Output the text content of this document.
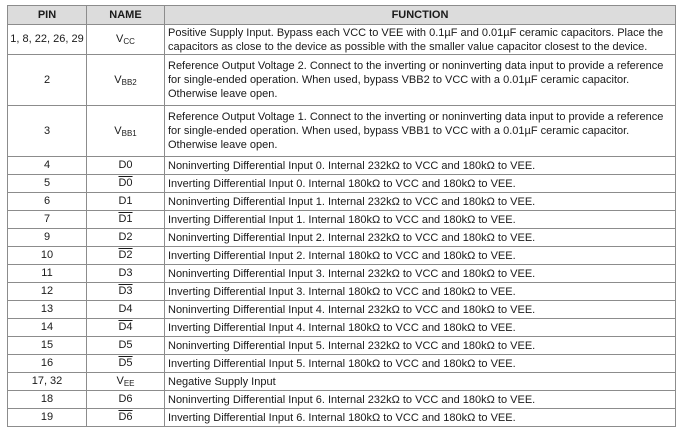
PIN	NAME	FUNCTION
1, 8, 22, 26, 29	$V_{CC}$	Positive Supply Input. Bypass each VCC to VEE with 0.1µF and 0.01µF ceramic capacitors. Place the capacitors as close to the device as possible with the smaller value capacitor closest to the device.
2	$V_{BB2}$	Reference Output Voltage 2. Connect to the inverting or noninverting data input to provide a reference for single-ended operation. When used, bypass VBB2 to VCC with a 0.01µF ceramic capacitor. Otherwise leave open.
3	$V_{BB1}$	Reference Output Voltage 1. Connect to the inverting or noninverting data input to provide a reference for single-ended operation. When used, bypass VBB1 to VCC with a 0.01µF ceramic capacitor. Otherwise leave open.
4	D0	Noninverting Differential Input 0. Internal 232kΩ to VCC and 180kΩ to VEE.
5	D0	Inverting Differential Input 0. Internal 180kΩ to VCC and 180kΩ to VEE.
6	D1	Noninverting Differential Input 1. Internal 232kΩ to VCC and 180kΩ to VEE.
7	D1	Inverting Differential Input 1. Internal 180kΩ to VCC and 180kΩ to VEE.
9	D2	Noninverting Differential Input 2. Internal 232kΩ to VCC and 180kΩ to VEE.
10	D2	Inverting Differential Input 2. Internal 180kΩ to VCC and 180kΩ to VEE.
11	D3	Noninverting Differential Input 3. Internal 232kΩ to VCC and 180kΩ to VEE.
12	D3	Inverting Differential Input 3. Internal 180kΩ to VCC and 180kΩ to VEE.
13	D4	Noninverting Differential Input 4. Internal 232kΩ to VCC and 180kΩ to VEE.
14	D4	Inverting Differential Input 4. Internal 180kΩ to VCC and 180kΩ to VEE.
15	D5	Noninverting Differential Input 5. Internal 232kΩ to VCC and 180kΩ to VEE.
16	D5	Inverting Differential Input 5. Internal 180kΩ to VCC and 180kΩ to VEE.
17, 32	$V_{EE}$	Negative Supply Input
18	D6	Noninverting Differential Input 6. Internal 232kΩ to VCC and 180kΩ to VEE.
19	D6	Inverting Differential Input 6. Internal 180kΩ to VCC and 180kΩ to VEE.
